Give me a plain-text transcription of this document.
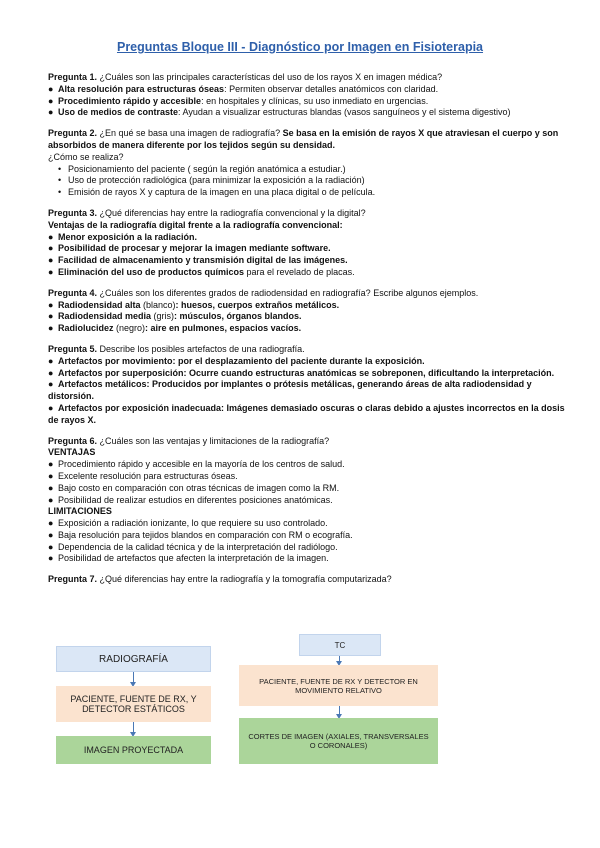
Preguntas Bloque III - Diagnóstico por Imagen en Fisioterapia
Pregunta 1. ¿Cuáles son las principales características del uso de los rayos X en imagen médica?
● Alta resolución para estructuras óseas: Permiten observar detalles anatómicos con claridad.
● Procedimiento rápido y accesible: en hospitales y clínicas, su uso inmediato en urgencias.
● Uso de medios de contraste: Ayudan a visualizar estructuras blandas (vasos sanguíneos y el sistema digestivo)
Pregunta 2. ¿En qué se basa una imagen de radiografía? Se basa en la emisión de rayos X que atraviesan el cuerpo y son absorbidos de manera diferente por los tejidos según su densidad.
¿Cómo se realiza?
• Posicionamiento del paciente ( según la región anatómica a estudiar.)
• Uso de protección radiológica (para minimizar la exposición a la radiación)
• Emisión de rayos X y captura de la imagen en una placa digital o de película.
Pregunta 3. ¿Qué diferencias hay entre la radiografía convencional y la digital?
Ventajas de la radiografía digital frente a la radiografía convencional:
● Menor exposición a la radiación.
● Posibilidad de procesar y mejorar la imagen mediante software.
● Facilidad de almacenamiento y transmisión digital de las imágenes.
● Eliminación del uso de productos químicos para el revelado de placas.
Pregunta 4. ¿Cuáles son los diferentes grados de radiodensidad en radiografía? Escribe algunos ejemplos.
● Radiodensidad alta (blanco): huesos, cuerpos extraños metálicos.
● Radiodensidad media (gris): músculos, órganos blandos.
● Radiolucidez (negro): aire en pulmones, espacios vacíos.
Pregunta 5. Describe los posibles artefactos de una radiografía.
● Artefactos por movimiento: por el desplazamiento del paciente durante la exposición.
● Artefactos por superposición: Ocurre cuando estructuras anatómicas se sobreponen, dificultando la interpretación.
● Artefactos metálicos: Producidos por implantes o prótesis metálicas, generando áreas de alta radiodensidad y distorsión.
● Artefactos por exposición inadecuada: Imágenes demasiado oscuras o claras debido a ajustes incorrectos en la dosis de rayos X.
Pregunta 6. ¿Cuáles son las ventajas y limitaciones de la radiografía?
VENTAJAS
● Procedimiento rápido y accesible en la mayoría de los centros de salud.
● Excelente resolución para estructuras óseas.
● Bajo costo en comparación con otras técnicas de imagen como la RM.
● Posibilidad de realizar estudios en diferentes posiciones anatómicas.
LIMITACIONES
● Exposición a radiación ionizante, lo que requiere su uso controlado.
● Baja resolución para tejidos blandos en comparación con RM o ecografía.
● Dependencia de la calidad técnica y de la interpretación del radiólogo.
● Posibilidad de artefactos que afecten la interpretación de la imagen.
Pregunta 7. ¿Qué diferencias hay entre la radiografía y la tomografía computarizada?
RADIOGRAFÍA
PACIENTE, FUENTE DE RX, Y DETECTOR ESTÁTICOS
IMAGEN PROYECTADA
TC
PACIENTE, FUENTE DE RX Y DETECTOR EN MOVIMIENTO RELATIVO
CORTES DE IMAGEN (AXIALES, TRANSVERSALES O CORONALES)
